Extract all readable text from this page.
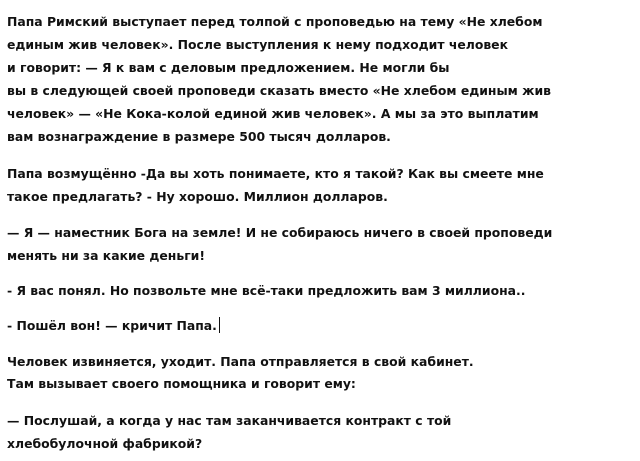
Папа Римский выступает перед толпой с проповедью на тему «Не хлебом
единым жив человек». После выступления к нему подходит человек
и говорит: — Я к вам с деловым предложением. Не могли бы
вы в следующей своей проповеди сказать вместо «Не хлебом единым жив
человек» — «Не Кока-колой единой жив человек». А мы за это выплатим
вам вознаграждение в размере 500 тысяч долларов.
Папа возмущённо -Да вы хоть понимаете, кто я такой? Как вы смеете мне
такое предлагать? - Ну хорошо. Миллион долларов.
— Я — наместник Бога на земле! И не собираюсь ничего в своей проповеди
менять ни за какие деньги!
- Я вас понял. Но позвольте мне всё-таки предложить вам 3 миллиона..
- Пошёл вон! — кричит Папа.
Человек извиняется, уходит. Папа отправляется в свой кабинет.
Там вызывает своего помощника и говорит ему:
— Послушай, а когда у нас там заканчивается контракт с той
хлебобулочной фабрикой?
